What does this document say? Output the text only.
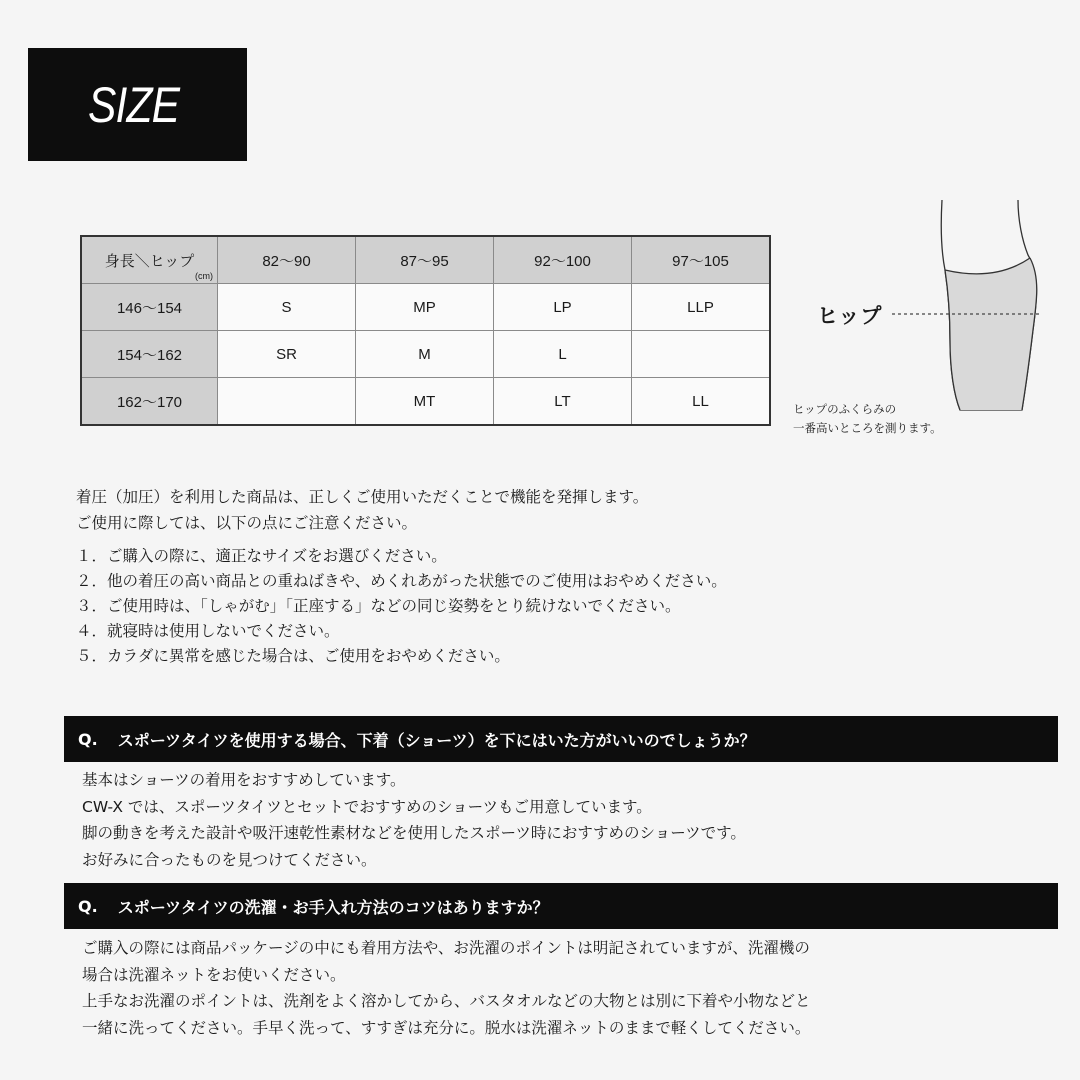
SIZE
身長＼ヒップ
(cm)	82〜90	87〜95	92〜100	97〜105
146〜154	S	MP	LP	LLP
154〜162	SR	M	L	
162〜170		MT	LT	LL
ヒップ
ヒップのふくらみの
一番高いところを測ります。

着圧（加圧）を利用した商品は、正しくご使用いただくことで機能を発揮します。

ご使用に際しては、以下の点にご注意ください。

１．ご購入の際に、適正なサイズをお選びください。

２．他の着圧の高い商品との重ねばきや、めくれあがった状態でのご使用はおやめください。

３．ご使用時は、「しゃがむ」「正座する」などの同じ姿勢をとり続けないでください。

４．就寝時は使用しないでください。

５．カラダに異常を感じた場合は、ご使用をおやめください。

Q. スポーツタイツを使用する場合、下着（ショーツ）を下にはいた方がいいのでしょうか？

基本はショーツの着用をおすすめしています。

CW-X では、スポーツタイツとセットでおすすめのショーツもご用意しています。

脚の動きを考えた設計や吸汗速乾性素材などを使用したスポーツ時におすすめのショーツです。

お好みに合ったものを見つけてください。

Q. スポーツタイツの洗濯・お手入れ方法のコツはありますか？

ご購入の際には商品パッケージの中にも着用方法や、お洗濯のポイントは明記されていますが、洗濯機の

場合は洗濯ネットをお使いください。

上手なお洗濯のポイントは、洗剤をよく溶かしてから、バスタオルなどの大物とは別に下着や小物などと

一緒に洗ってください。手早く洗って、すすぎは充分に。脱水は洗濯ネットのままで軽くしてください。
